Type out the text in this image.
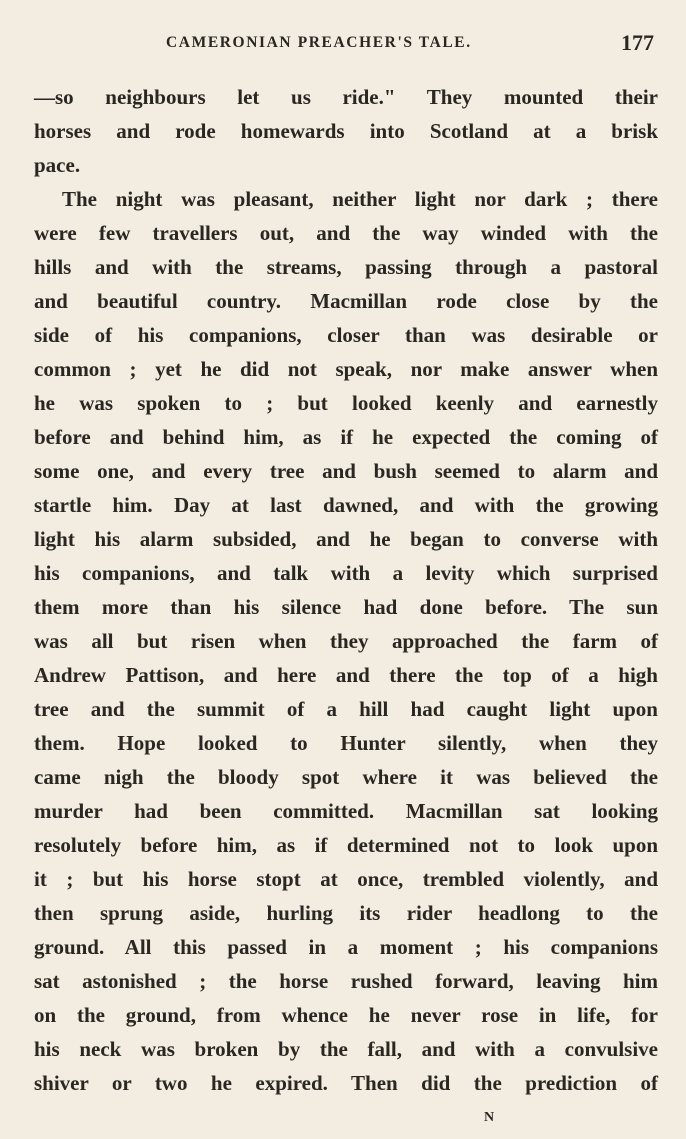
CAMERONIAN PREACHER'S TALE.	177
—so neighbours let us ride." They mounted their
horses and rode homewards into Scotland at a brisk
pace.
The night was pleasant, neither light nor dark ; there
were few travellers out, and the way winded with the
hills and with the streams, passing through a pastoral
and beautiful country. Macmillan rode close by the
side of his companions, closer than was desirable or
common ; yet he did not speak, nor make answer when
he was spoken to ; but looked keenly and earnestly
before and behind him, as if he expected the coming of
some one, and every tree and bush seemed to alarm and
startle him. Day at last dawned, and with the growing
light his alarm subsided, and he began to converse with
his companions, and talk with a levity which surprised
them more than his silence had done before. The sun
was all but risen when they approached the farm of
Andrew Pattison, and here and there the top of a high
tree and the summit of a hill had caught light upon
them. Hope looked to Hunter silently, when they
came nigh the bloody spot where it was believed the
murder had been committed. Macmillan sat looking
resolutely before him, as if determined not to look upon
it ; but his horse stopt at once, trembled violently, and
then sprung aside, hurling its rider headlong to the
ground. All this passed in a moment ; his companions
sat astonished ; the horse rushed forward, leaving him
on the ground, from whence he never rose in life, for
his neck was broken by the fall, and with a convulsive
shiver or two he expired. Then did the prediction of
N
